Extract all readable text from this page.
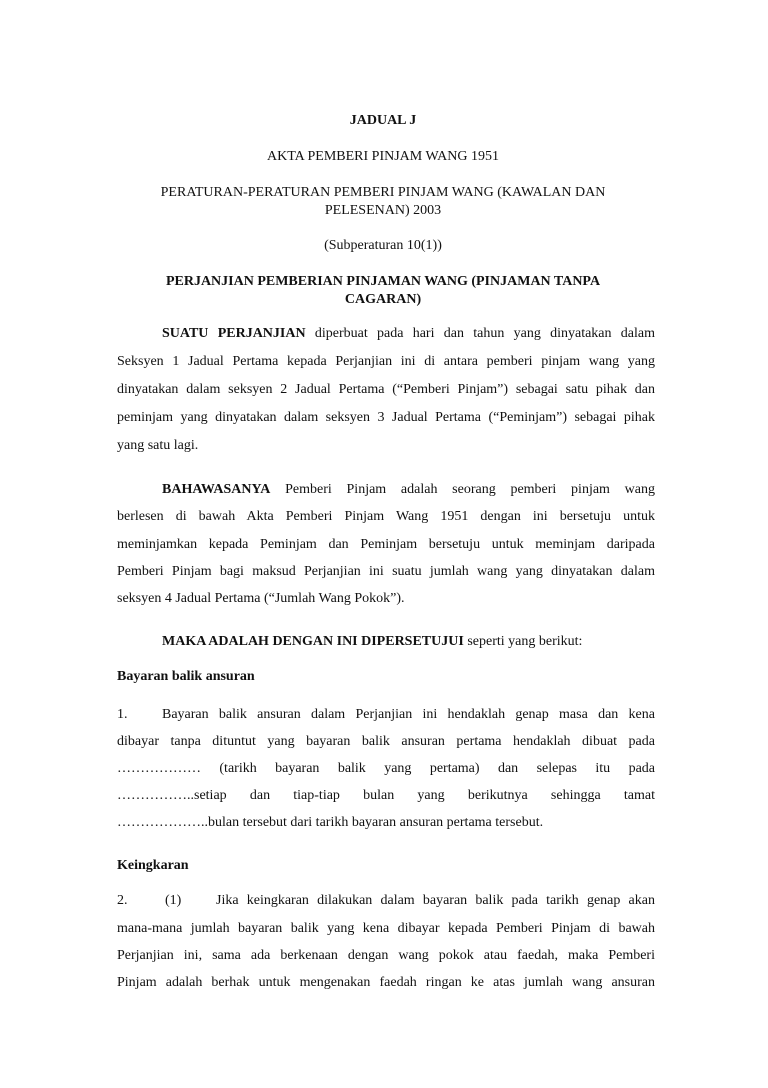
JADUAL J
AKTA PEMBERI PINJAM WANG 1951
PERATURAN-PERATURAN PEMBERI PINJAM WANG (KAWALAN DAN
PELESENAN) 2003
(Subperaturan 10(1))
PERJANJIAN PEMBERIAN PINJAMAN WANG (PINJAMAN TANPA
CAGARAN)
SUATU PERJANJIAN diperbuat pada hari dan tahun yang dinyatakan dalam
Seksyen 1 Jadual Pertama kepada Perjanjian ini di antara pemberi pinjam wang yang
dinyatakan dalam seksyen 2 Jadual Pertama (“Pemberi Pinjam”) sebagai satu pihak dan
peminjam yang dinyatakan dalam seksyen 3 Jadual Pertama (“Peminjam”) sebagai pihak
yang satu lagi.
BAHAWASANYA Pemberi Pinjam adalah seorang pemberi pinjam wang
berlesen di bawah Akta Pemberi Pinjam Wang 1951 dengan ini bersetuju untuk
meminjamkan kepada Peminjam dan Peminjam bersetuju untuk meminjam daripada
Pemberi Pinjam bagi maksud Perjanjian ini suatu jumlah wang yang dinyatakan dalam
seksyen 4 Jadual Pertama (“Jumlah Wang Pokok”).
MAKA ADALAH DENGAN INI DIPERSETUJUI seperti yang berikut:
Bayaran balik ansuran
1. Bayaran balik ansuran dalam Perjanjian ini hendaklah genap masa dan kena
dibayar tanpa dituntut yang bayaran balik ansuran pertama hendaklah dibuat pada
……………… (tarikh bayaran balik yang pertama) dan selepas itu pada
……………..setiap dan tiap-tiap bulan yang berikutnya sehingga tamat
………………..bulan tersebut dari tarikh bayaran ansuran pertama tersebut.
Keingkaran
2.	(1) Jika keingkaran dilakukan dalam bayaran balik pada tarikh genap akan
mana-mana jumlah bayaran balik yang kena dibayar kepada Pemberi Pinjam di bawah
Perjanjian ini, sama ada berkenaan dengan wang pokok atau faedah, maka Pemberi
Pinjam adalah berhak untuk mengenakan faedah ringan ke atas jumlah wang ansuran
